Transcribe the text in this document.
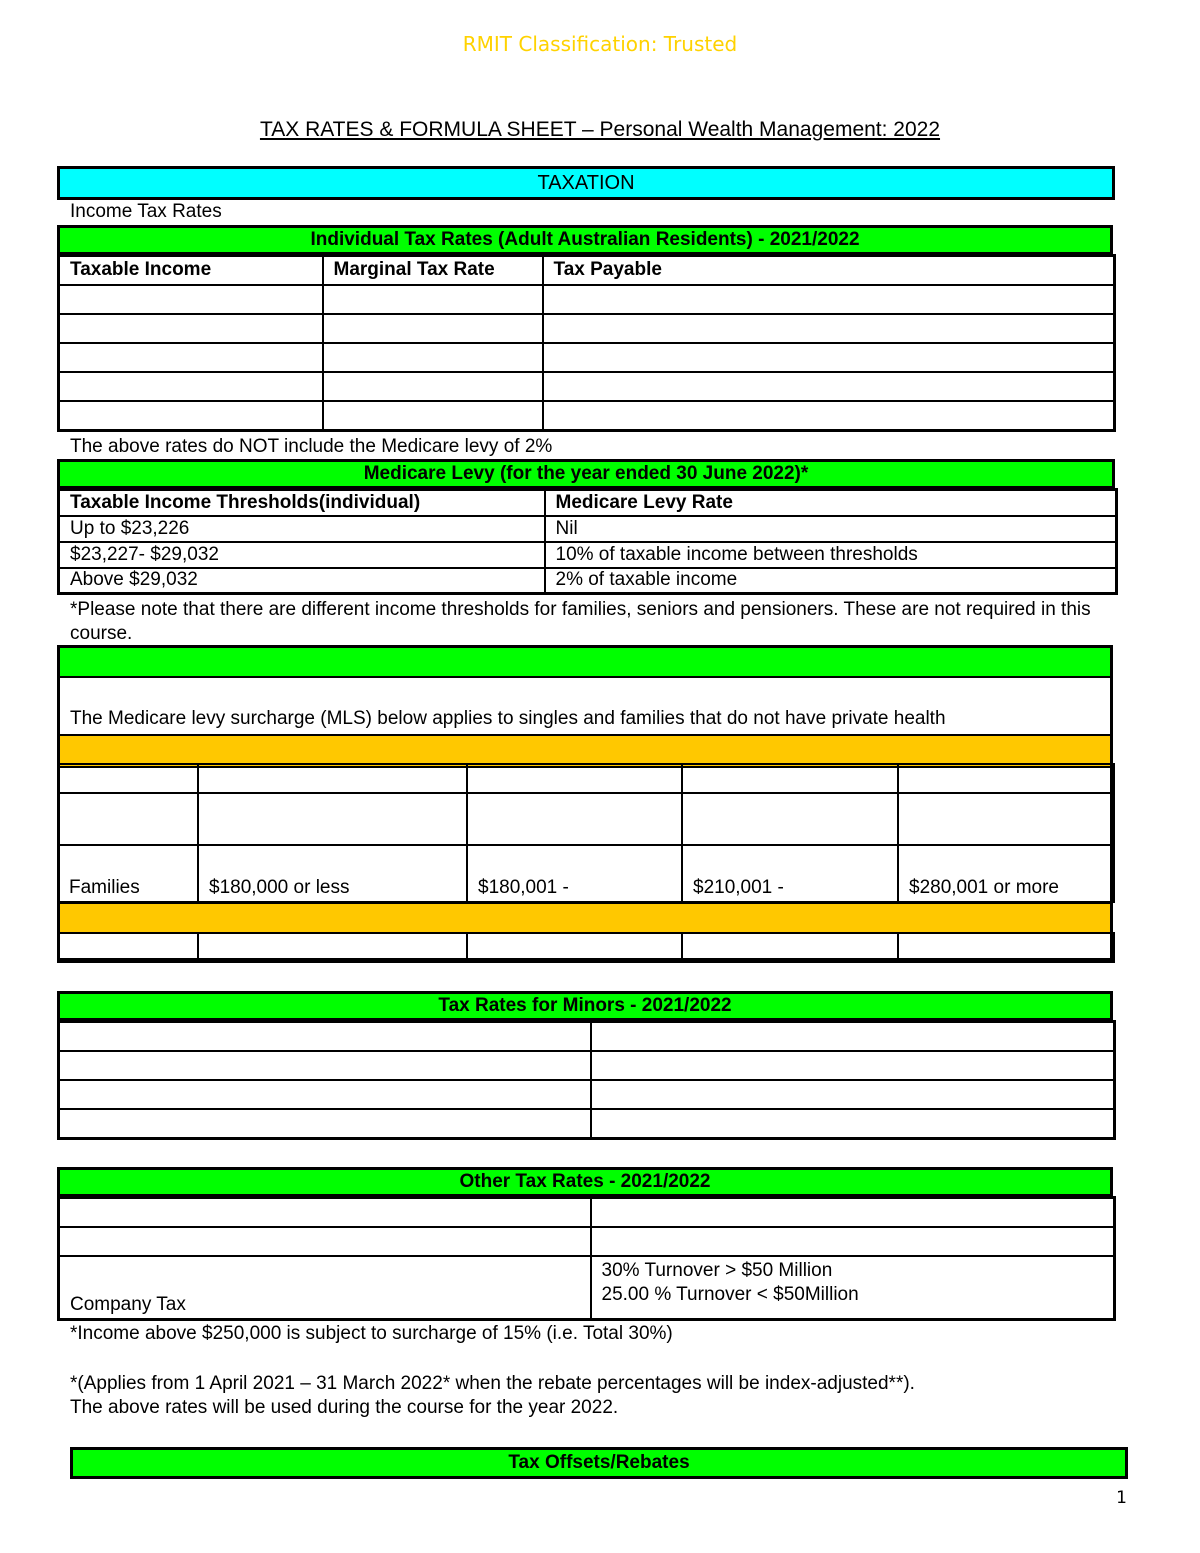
RMIT Classification: Trusted
TAX RATES & FORMULA SHEET – Personal Wealth Management: 2022
TAXATION
Income Tax Rates
Individual Tax Rates (Adult Australian Residents) - 2021/2022
Taxable Income	Marginal Tax Rate	Tax Payable

The above rates do NOT include the Medicare levy of 2%
Medicare Levy (for the year ended 30 June 2022)*
Taxable Income Thresholds(individual)	Medicare Levy Rate
Up to $23,226	Nil
$23,227- $29,032	10% of taxable income between thresholds
Above $29,032	2% of taxable income
*Please note that there are different income thresholds for families, seniors and pensioners. These are not required in this course.
The Medicare levy surcharge (MLS) below applies to singles and families that do not have private health

Families	$180,000 or less	$180,001 -	$210,001 -	$280,001 or more

Tax Rates for Minors - 2021/2022

Other Tax Rates - 2021/2022

Company Tax	30% Turnover > $50 Million
25.00 % Turnover < $50Million
*Income above $250,000 is subject to surcharge of 15% (i.e. Total 30%)
*(Applies from 1 April 2021 – 31 March 2022* when the rebate percentages will be index-adjusted**).
The above rates will be used during the course for the year 2022.
Tax Offsets/Rebates
1
